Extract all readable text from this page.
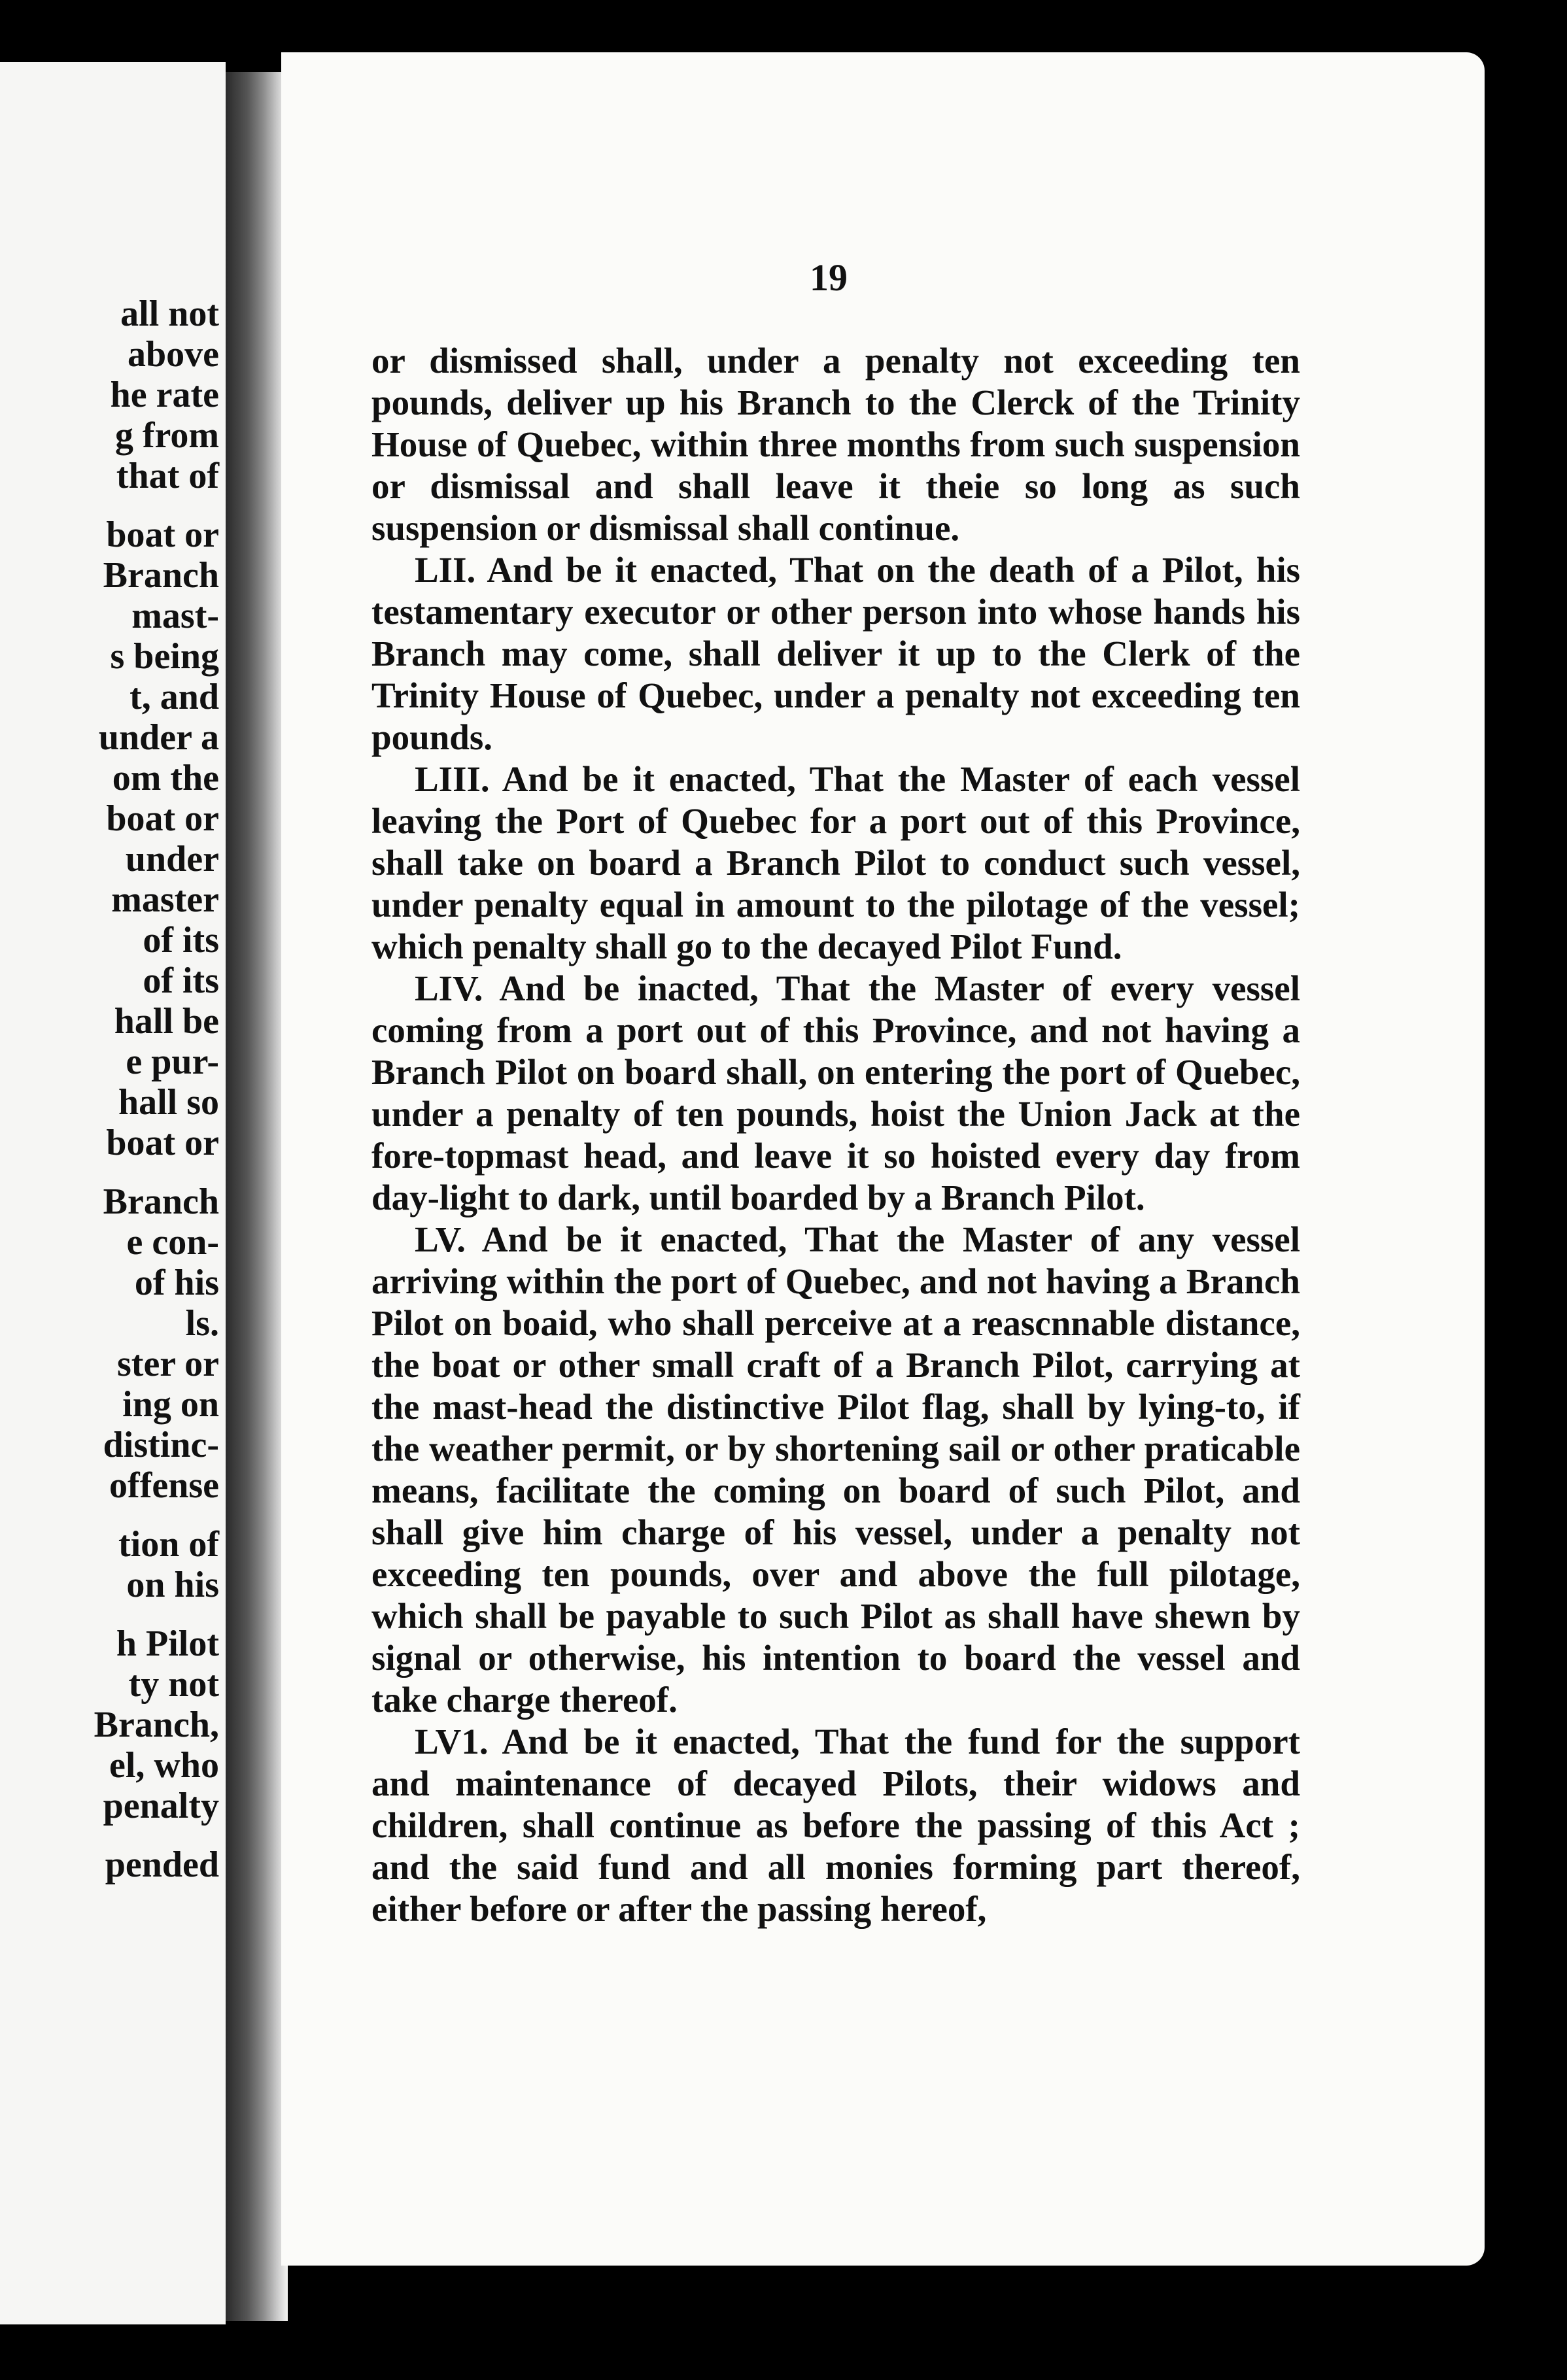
all not
above
he rate
g from
that of
boat or
Branch
mast-
s being
t, and
under a
om the
boat or
under
master
of its
of its
hall be
e pur-
hall so
boat or
Branch
e con-
of his
ls.
ster or
ing on
distinc-
offense
tion of
on his
h Pilot
ty not
Branch,
el, who
penalty
pended
19

or dismissed shall, under a penalty not exceeding ten pounds, deliver up his Branch to the Clerck of the Trinity House of Quebec, within three months from such suspension or dismissal and shall leave it theie so long as such suspension or dismissal shall continue.

LII. And be it enacted, That on the death of a Pilot, his testamentary executor or other person into whose hands his Branch may come, shall deliver it up to the Clerk of the Trinity House of Quebec, under a penalty not exceeding ten pounds.

LIII. And be it enacted, That the Master of each vessel leaving the Port of Quebec for a port out of this Province, shall take on board a Branch Pilot to conduct such vessel, under penalty equal in amount to the pilotage of the vessel; which penalty shall go to the decayed Pilot Fund.

LIV. And be inacted, That the Master of every vessel coming from a port out of this Province, and not having a Branch Pilot on board shall, on entering the port of Quebec, under a penalty of ten pounds, hoist the Union Jack at the fore-topmast head, and leave it so hoisted every day from day-light to dark, until boarded by a Branch Pilot.

LV. And be it enacted, That the Master of any vessel arriving within the port of Quebec, and not having a Branch Pilot on boaid, who shall perceive at a reascnnable distance, the boat or other small craft of a Branch Pilot, carrying at the mast-head the distinctive Pilot flag, shall by lying-to, if the weather permit, or by shortening sail or other praticable means, facilitate the coming on board of such Pilot, and shall give him charge of his vessel, under a penalty not exceeding ten pounds, over and above the full pilotage, which shall be payable to such Pilot as shall have shewn by signal or otherwise, his intention to board the vessel and take charge thereof.

LV1. And be it enacted, That the fund for the support and maintenance of decayed Pilots, their widows and children, shall continue as before the passing of this Act ; and the said fund and all monies forming part thereof, either before or after the passing hereof,
